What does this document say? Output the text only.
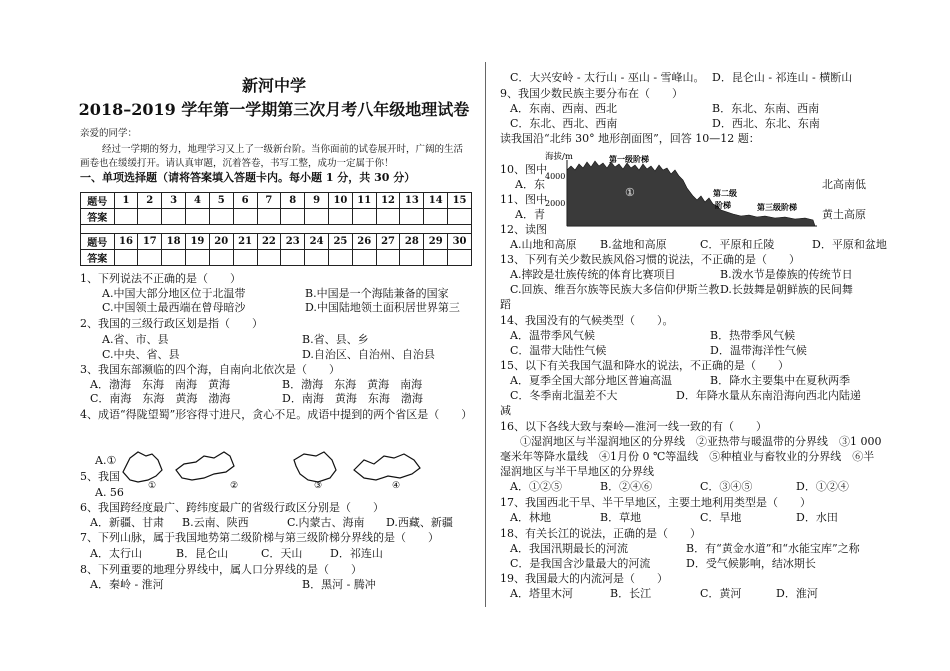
新河中学
2018–2019 学年第一学期第三次月考八年级地理试卷
亲爱的同学：
经过一学期的努力，地理学习又上了一级新台阶。当你面前的试卷展开时，广阔的生活
画卷也在缓缓打开。请认真审题，沉着答卷，书写工整，成功一定属于你！
一、单项选择题（请将答案填入答题卡内。每小题 1 分，共 30 分）
题号	1	2	3	4	5	6	7	8	9	10	11	12	13	14	15
答案															

题号	16	17	18	19	20	21	22	23	24	25	26	27	28	29	30
答案															
1、下列说法不正确的是（　　）
A.中国大部分地区位于北温带	B.中国是一个海陆兼备的国家
C.中国领土最西端在曾母暗沙	D.中国陆地领土面积居世界第三
2、我国的三级行政区划是指（　　）
A.省、市、县	B.省、县、乡
C.中央、省、县	D.自治区、自治州、自治县
3、我国东部濒临的四个海，自南向北依次是（　　）
A．渤海　东海　南海　黄海	B．渤海　东海　黄海　南海
C．南海　东海　黄海　渤海	D．南海　黄海　东海　渤海
4、成语“得陇望蜀”形容得寸进尺，贪心不足。成语中提到的两个省区是（　　）
A.①
5、我国
A. 56	①	②	③	④
6、我国跨经度最广、跨纬度最广的省级行政区分别是（　　）
A．新疆、甘肃 B.云南、陕西	C.内蒙古、海南 D.西藏、新疆
7、下列山脉，属于我国地势第二级阶梯与第三级阶梯分界线的是（　　）
A．太行山	B．昆仑山	C．天山	D．祁连山
8、下列重要的地理分界线中，属人口分界线的是（　　）
A．秦岭 - 淮河	B．黑河 - 腾冲
C．大兴安岭 - 太行山 - 巫山 - 雪峰山。 D．昆仑山 - 祁连山 - 横断山
9、我国少数民族主要分布在（　　）
A．东南、西南、西北	B．东北、东南、西南
C．东北、西北、西南	D．西北、东北、东南
读我国沿“北纬 30° 地形剖面图”，回答 10—12 题：
10、图中
A．东	北高南低
11、图中
A．青	黄土高原
12、读图
海拔/m
4000
2000
第一级阶梯
①	第二级
阶梯	第三级阶梯
A.山地和高原 B.盆地和高原	C．平原和丘陵	D．平原和盆地
13、下列有关少数民族风俗习惯的说法，不正确的是（　　）
A.摔跤是壮族传统的体育比赛项目	B.泼水节是傣族的传统节日
C.回族、维吾尔族等民族大多信仰伊斯兰教 D.长鼓舞是朝鲜族的民间舞
蹈
14、我国没有的气候类型（　　）。
A．温带季风气候	B．热带季风气候
C．温带大陆性气候	D．温带海洋性气候
15、以下有关我国气温和降水的说法，不正确的是（　　）
A．夏季全国大部分地区普遍高温	B．降水主要集中在夏秋两季
C．冬季南北温差不大	D．年降水量从东南沿海向西北内陆递
减
16、以下各线大致与秦岭—淮河一线一致的有（　　）
①湿润地区与半湿润地区的分界线　②亚热带与暖温带的分界线　③1 000
毫米年等降水量线　④1月份 0 ℃等温线　⑤种植业与畜牧业的分界线　⑥半
湿润地区与半干旱地区的分界线
A．①②⑤	B．②④⑥	C．③④⑤	D．①②④
17、我国西北干旱、半干旱地区，主要土地利用类型是（　　）
A．林地	B．草地	C．旱地	D．水田
18、有关长江的说法，正确的是（　　）
A．我国汛期最长的河流	B．有“黄金水道”和“水能宝库”之称
C．是我国含沙量最大的河流	D．受气候影响，结冰期长
19、我国最大的内流河是（　　）
A．塔里木河	B．长江	C．黄河	D．淮河
